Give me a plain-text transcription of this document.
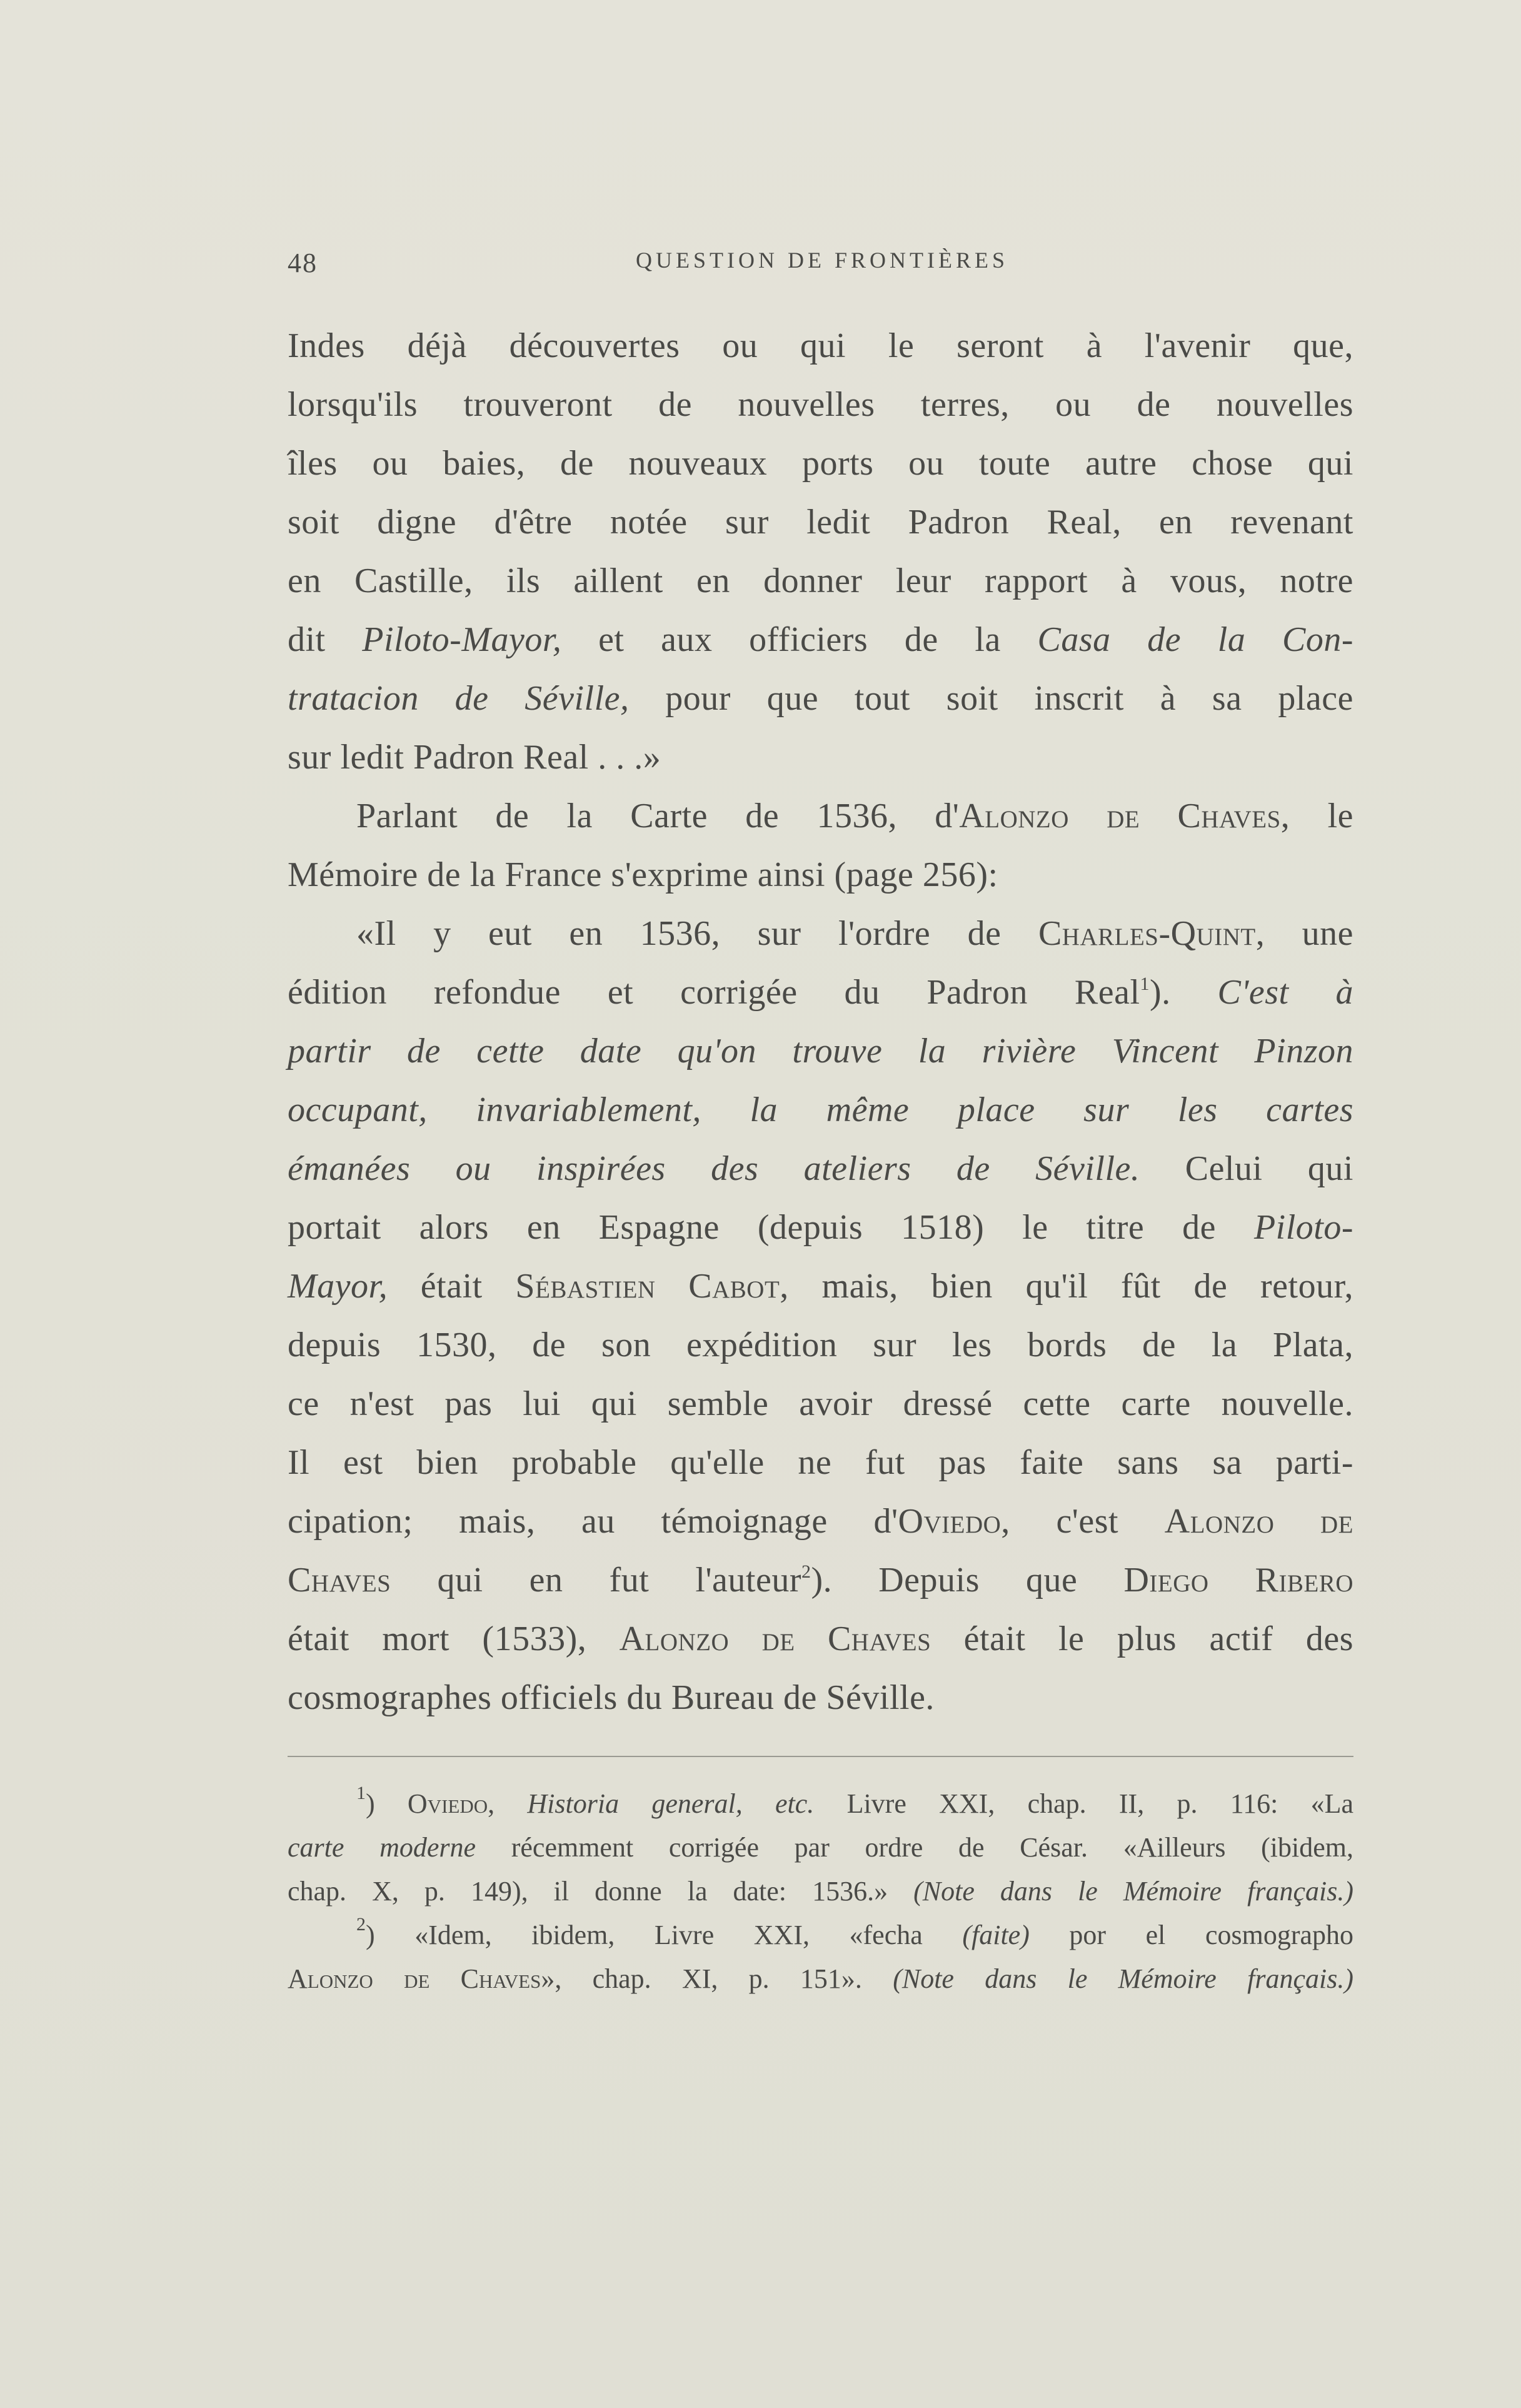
48	QUESTION DE FRONTIÈRES
Indes déjà découvertes ou qui le seront à l'avenir que,
lorsqu'ils trouveront de nouvelles terres, ou de nouvelles
îles ou baies, de nouveaux ports ou toute autre chose qui
soit digne d'être notée sur ledit Padron Real, en revenant
en Castille, ils aillent en donner leur rapport à vous, notre
dit Piloto-Mayor, et aux officiers de la Casa de la Con-
tratacion de Séville, pour que tout soit inscrit à sa place
sur ledit Padron Real . . .»
Parlant de la Carte de 1536, d'Alonzo de Chaves, le
Mémoire de la France s'exprime ainsi (page 256):
«Il y eut en 1536, sur l'ordre de Charles-Quint, une
édition refondue et corrigée du Padron Real$^1$). C'est à
partir de cette date qu'on trouve la rivière Vincent Pinzon
occupant, invariablement, la même place sur les cartes
émanées ou inspirées des ateliers de Séville. Celui qui
portait alors en Espagne (depuis 1518) le titre de Piloto-
Mayor, était Sébastien Cabot, mais, bien qu'il fût de retour,
depuis 1530, de son expédition sur les bords de la Plata,
ce n'est pas lui qui semble avoir dressé cette carte nouvelle.
Il est bien probable qu'elle ne fut pas faite sans sa parti-
cipation; mais, au témoignage d'Oviedo, c'est Alonzo de
Chaves qui en fut l'auteur$^2$). Depuis que Diego Ribero
était mort (1533), Alonzo de Chaves était le plus actif des
cosmographes officiels du Bureau de Séville.
$^1$) Oviedo, Historia general, etc. Livre XXI, chap. II, p. 116: «La
carte moderne récemment corrigée par ordre de César. «Ailleurs (ibidem,
chap. X, p. 149), il donne la date: 1536.» (Note dans le Mémoire français.)
$^2$) «Idem, ibidem, Livre XXI, «fecha (faite) por el cosmographo
Alonzo de Chaves», chap. XI, p. 151». (Note dans le Mémoire français.)
